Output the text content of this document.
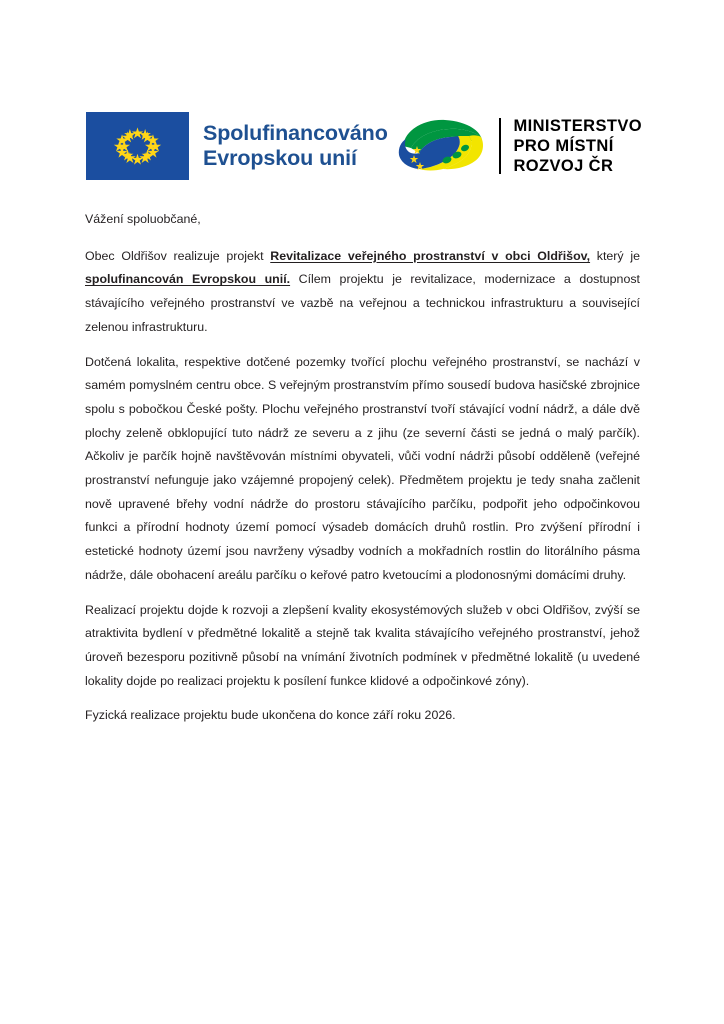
Spolufinancováno
Evropskou unií
MINISTERSTVO
PRO MÍSTNÍ
ROZVOJ ČR

Vážení spoluobčané,

Obec Oldřišov realizuje projekt Revitalizace veřejného prostranství v obci Oldřišov, který je spolufinancován Evropskou unií. Cílem projektu je revitalizace, modernizace a dostupnost stávajícího veřejného prostranství ve vazbě na veřejnou a technickou infrastrukturu a související zelenou infrastrukturu.

Dotčená lokalita, respektive dotčené pozemky tvořící plochu veřejného prostranství, se nachází v samém pomyslném centru obce. S veřejným prostranstvím přímo sousedí budova hasičské zbrojnice spolu s pobočkou České pošty. Plochu veřejného prostranství tvoří stávající vodní nádrž, a dále dvě plochy zeleně obklopující tuto nádrž ze severu a z jihu (ze severní části se jedná o malý parčík). Ačkoliv je parčík hojně navštěvován místními obyvateli, vůči vodní nádrži působí odděleně (veřejné prostranství nefunguje jako vzájemné propojený celek). Předmětem projektu je tedy snaha začlenit nově upravené břehy vodní nádrže do prostoru stávajícího parčíku, podpořit jeho odpočinkovou funkci a přírodní hodnoty území pomocí výsadeb domácích druhů rostlin. Pro zvýšení přírodní i estetické hodnoty území jsou navrženy výsadby vodních a mokřadních rostlin do litorálního pásma nádrže, dále obohacení areálu parčíku o keřové patro kvetoucími a plodonosnými domácími druhy.

Realizací projektu dojde k rozvoji a zlepšení kvality ekosystémových služeb v obci Oldřišov, zvýší se atraktivita bydlení v předmětné lokalitě a stejně tak kvalita stávajícího veřejného prostranství, jehož úroveň bezesporu pozitivně působí na vnímání životních podmínek v předmětné lokalitě (u uvedené lokality dojde po realizaci projektu k posílení funkce klidové a odpočinkové zóny).

Fyzická realizace projektu bude ukončena do konce září roku 2026.
